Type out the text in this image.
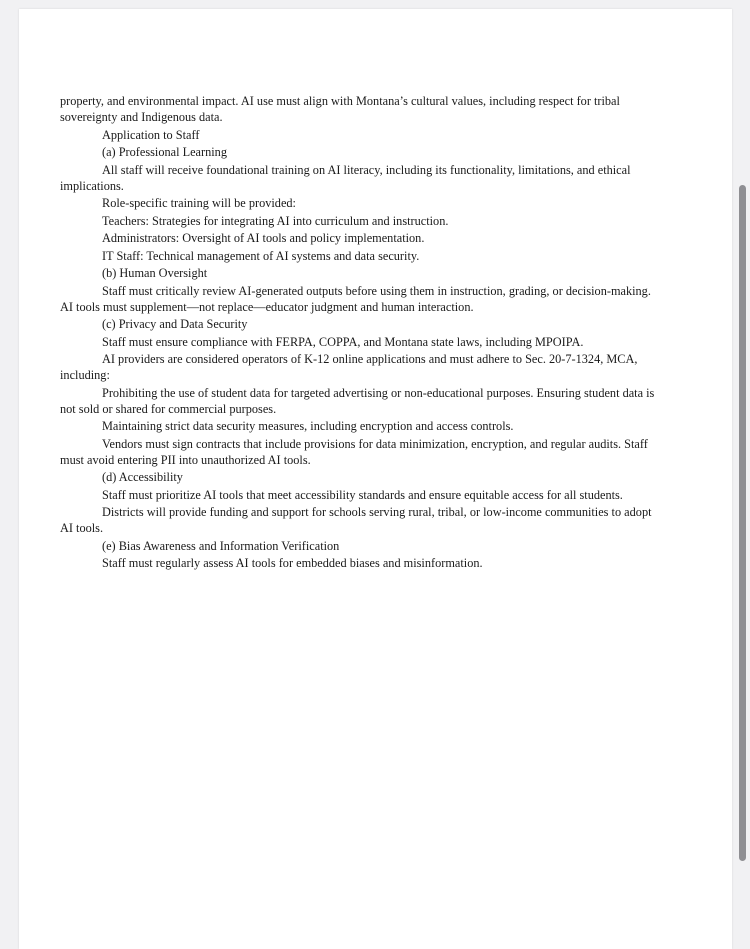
property, and environmental impact. AI use must align with Montana’s cultural values, including respect for tribal sovereignty and Indigenous data.

Application to Staff

(a) Professional Learning

All staff will receive foundational training on AI literacy, including its functionality, limitations, and ethical implications.

Role-specific training will be provided:

Teachers: Strategies for integrating AI into curriculum and instruction.

Administrators: Oversight of AI tools and policy implementation.

IT Staff: Technical management of AI systems and data security.

(b) Human Oversight

Staff must critically review AI-generated outputs before using them in instruction, grading, or decision-making. AI tools must supplement—not replace—educator judgment and human interaction.

(c) Privacy and Data Security

Staff must ensure compliance with FERPA, COPPA, and Montana state laws, including MPOIPA.

AI providers are considered operators of K-12 online applications and must adhere to Sec. 20-7-1324, MCA, including:

Prohibiting the use of student data for targeted advertising or non-educational purposes. Ensuring student data is not sold or shared for commercial purposes.

Maintaining strict data security measures, including encryption and access controls.

Vendors must sign contracts that include provisions for data minimization, encryption, and regular audits. Staff must avoid entering PII into unauthorized AI tools.

(d) Accessibility

Staff must prioritize AI tools that meet accessibility standards and ensure equitable access for all students.

Districts will provide funding and support for schools serving rural, tribal, or low-income communities to adopt AI tools.

(e) Bias Awareness and Information Verification

Staff must regularly assess AI tools for embedded biases and misinformation.
